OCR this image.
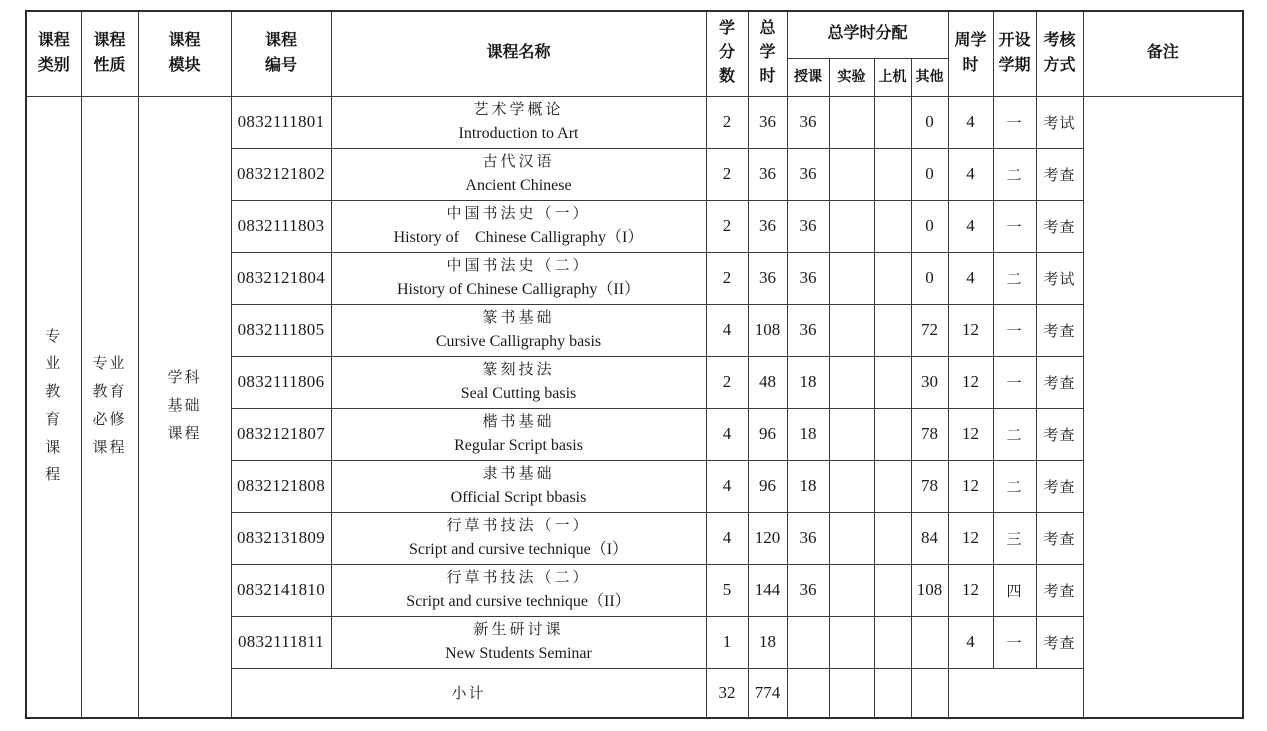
课程类别	课程性质	课程模块	课程编号	课程名称	学分数	总学时	总学时分配				周学时	开设学期	考核方式	备注
							授课	实验	上机	其他				
专业教育课程	专业教育必修课程	学科基础课程	0832111801	艺术学概论
Introduction to Art	2	36	36			0	4	一	考试	
			0832121802	古代汉语
Ancient Chinese	2	36	36			0	4	二	考查	
			0832111803	中国书法史（一）
History of　Chinese Calligraphy（I）	2	36	36			0	4	一	考查	
			0832121804	中国书法史（二）
History of Chinese Calligraphy（II）	2	36	36			0	4	二	考试	
			0832111805	篆书基础
Cursive Calligraphy basis	4	108	36			72	12	一	考查	
			0832111806	篆刻技法
Seal Cutting basis	2	48	18			30	12	一	考查	
			0832121807	楷书基础
Regular Script basis	4	96	18			78	12	二	考查	
			0832121808	隶书基础
Official Script bbasis	4	96	18			78	12	二	考查	
			0832131809	行草书技法（一）
Script and cursive technique（I）	4	120	36			84	12	三	考查	
			0832141810	行草书技法（二）
Script and cursive technique（II）	5	144	36			108	12	四	考查	
			0832111811	新生研讨课
New Students Seminar	1	18					4	一	考查	
			小计		32	774								
